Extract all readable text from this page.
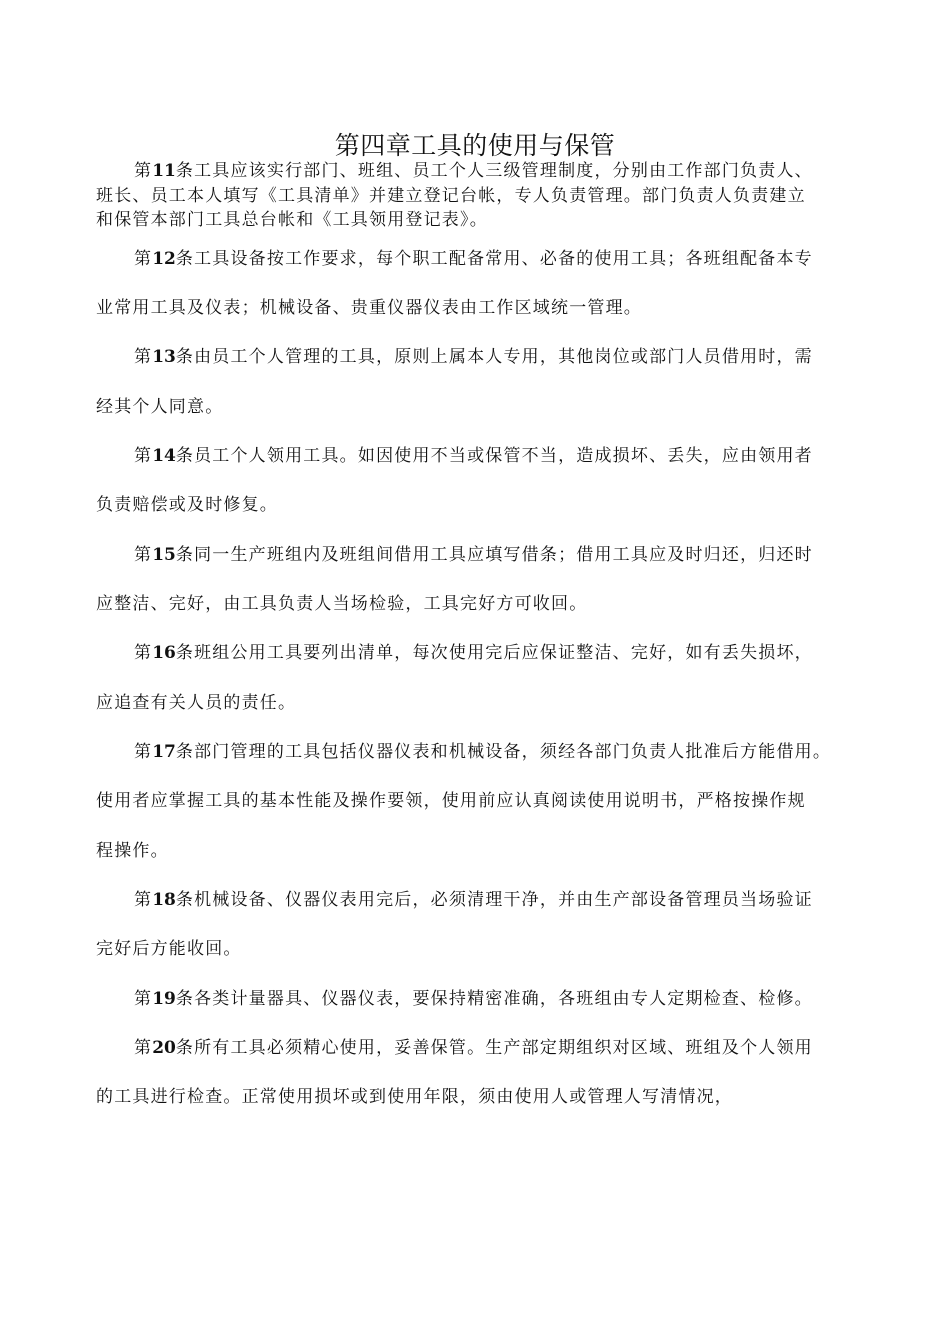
第四章工具的使用与保管
第11条工具应该实行部门、班组、员工个人三级管理制度，分别由工作部门负责人、
班长、员工本人填写《工具清单》并建立登记台帐，专人负责管理。部门负责人负责建立
和保管本部门工具总台帐和《工具领用登记表》。
第12条工具设备按工作要求，每个职工配备常用、必备的使用工具；各班组配备本专
业常用工具及仪表；机械设备、贵重仪器仪表由工作区域统一管理。
第13条由员工个人管理的工具，原则上属本人专用，其他岗位或部门人员借用时，需
经其个人同意。
第14条员工个人领用工具。如因使用不当或保管不当，造成损坏、丢失，应由领用者
负责赔偿或及时修复。
第15条同一生产班组内及班组间借用工具应填写借条；借用工具应及时归还，归还时
应整洁、完好，由工具负责人当场检验，工具完好方可收回。
第16条班组公用工具要列出清单，每次使用完后应保证整洁、完好，如有丢失损坏，
应追查有关人员的责任。
第17条部门管理的工具包括仪器仪表和机械设备，须经各部门负责人批准后方能借用。
使用者应掌握工具的基本性能及操作要领，使用前应认真阅读使用说明书，严格按操作规
程操作。
第18条机械设备、仪器仪表用完后，必须清理干净，并由生产部设备管理员当场验证
完好后方能收回。
第19条各类计量器具、仪器仪表，要保持精密准确，各班组由专人定期检查、检修。
第20条所有工具必须精心使用，妥善保管。生产部定期组织对区域、班组及个人领用
的工具进行检查。正常使用损坏或到使用年限，须由使用人或管理人写清情况，
